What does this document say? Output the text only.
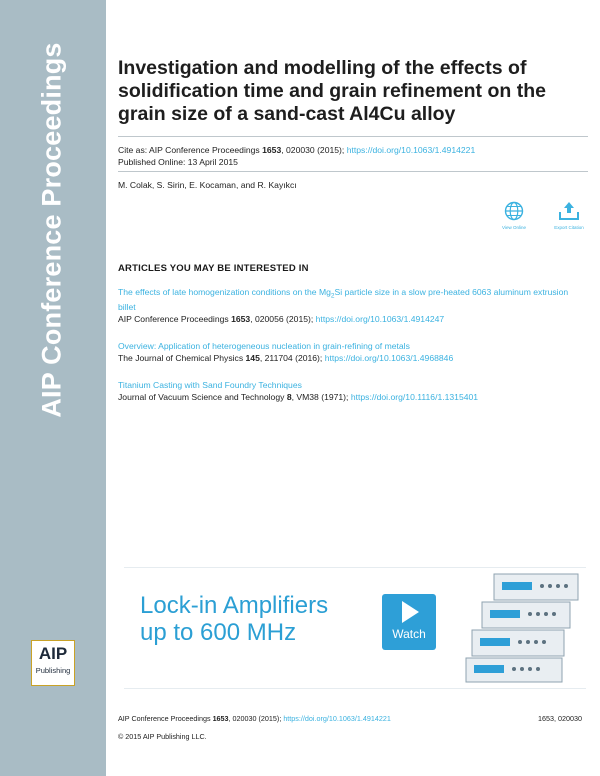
AIP Conference Proceedings
AIP
Publishing
Investigation and modelling of the effects of solidification time and grain refinement on the grain size of a sand-cast Al4Cu alloy
Cite as: AIP Conference Proceedings 1653, 020030 (2015); https://doi.org/10.1063/1.4914221
Published Online: 13 April 2015
M. Colak, S. Sirin, E. Kocaman, and R. Kayıkcı
View Online	Export Citation
ARTICLES YOU MAY BE INTERESTED IN
The effects of late homogenization conditions on the $Mg_2Si$ particle size in a slow pre-heated 6063 aluminum extrusion billet
AIP Conference Proceedings 1653, 020056 (2015); https://doi.org/10.1063/1.4914247
Overview: Application of heterogeneous nucleation in grain-refining of metals
The Journal of Chemical Physics 145, 211704 (2016); https://doi.org/10.1063/1.4968846
Titanium Casting with Sand Foundry Techniques
Journal of Vacuum Science and Technology 8, VM38 (1971); https://doi.org/10.1116/1.1315401
Lock-in Amplifiers
up to 600 MHz	Watch
AIP Conference Proceedings 1653, 020030 (2015); https://doi.org/10.1063/1.4914221	1653, 020030
© 2015 AIP Publishing LLC.
